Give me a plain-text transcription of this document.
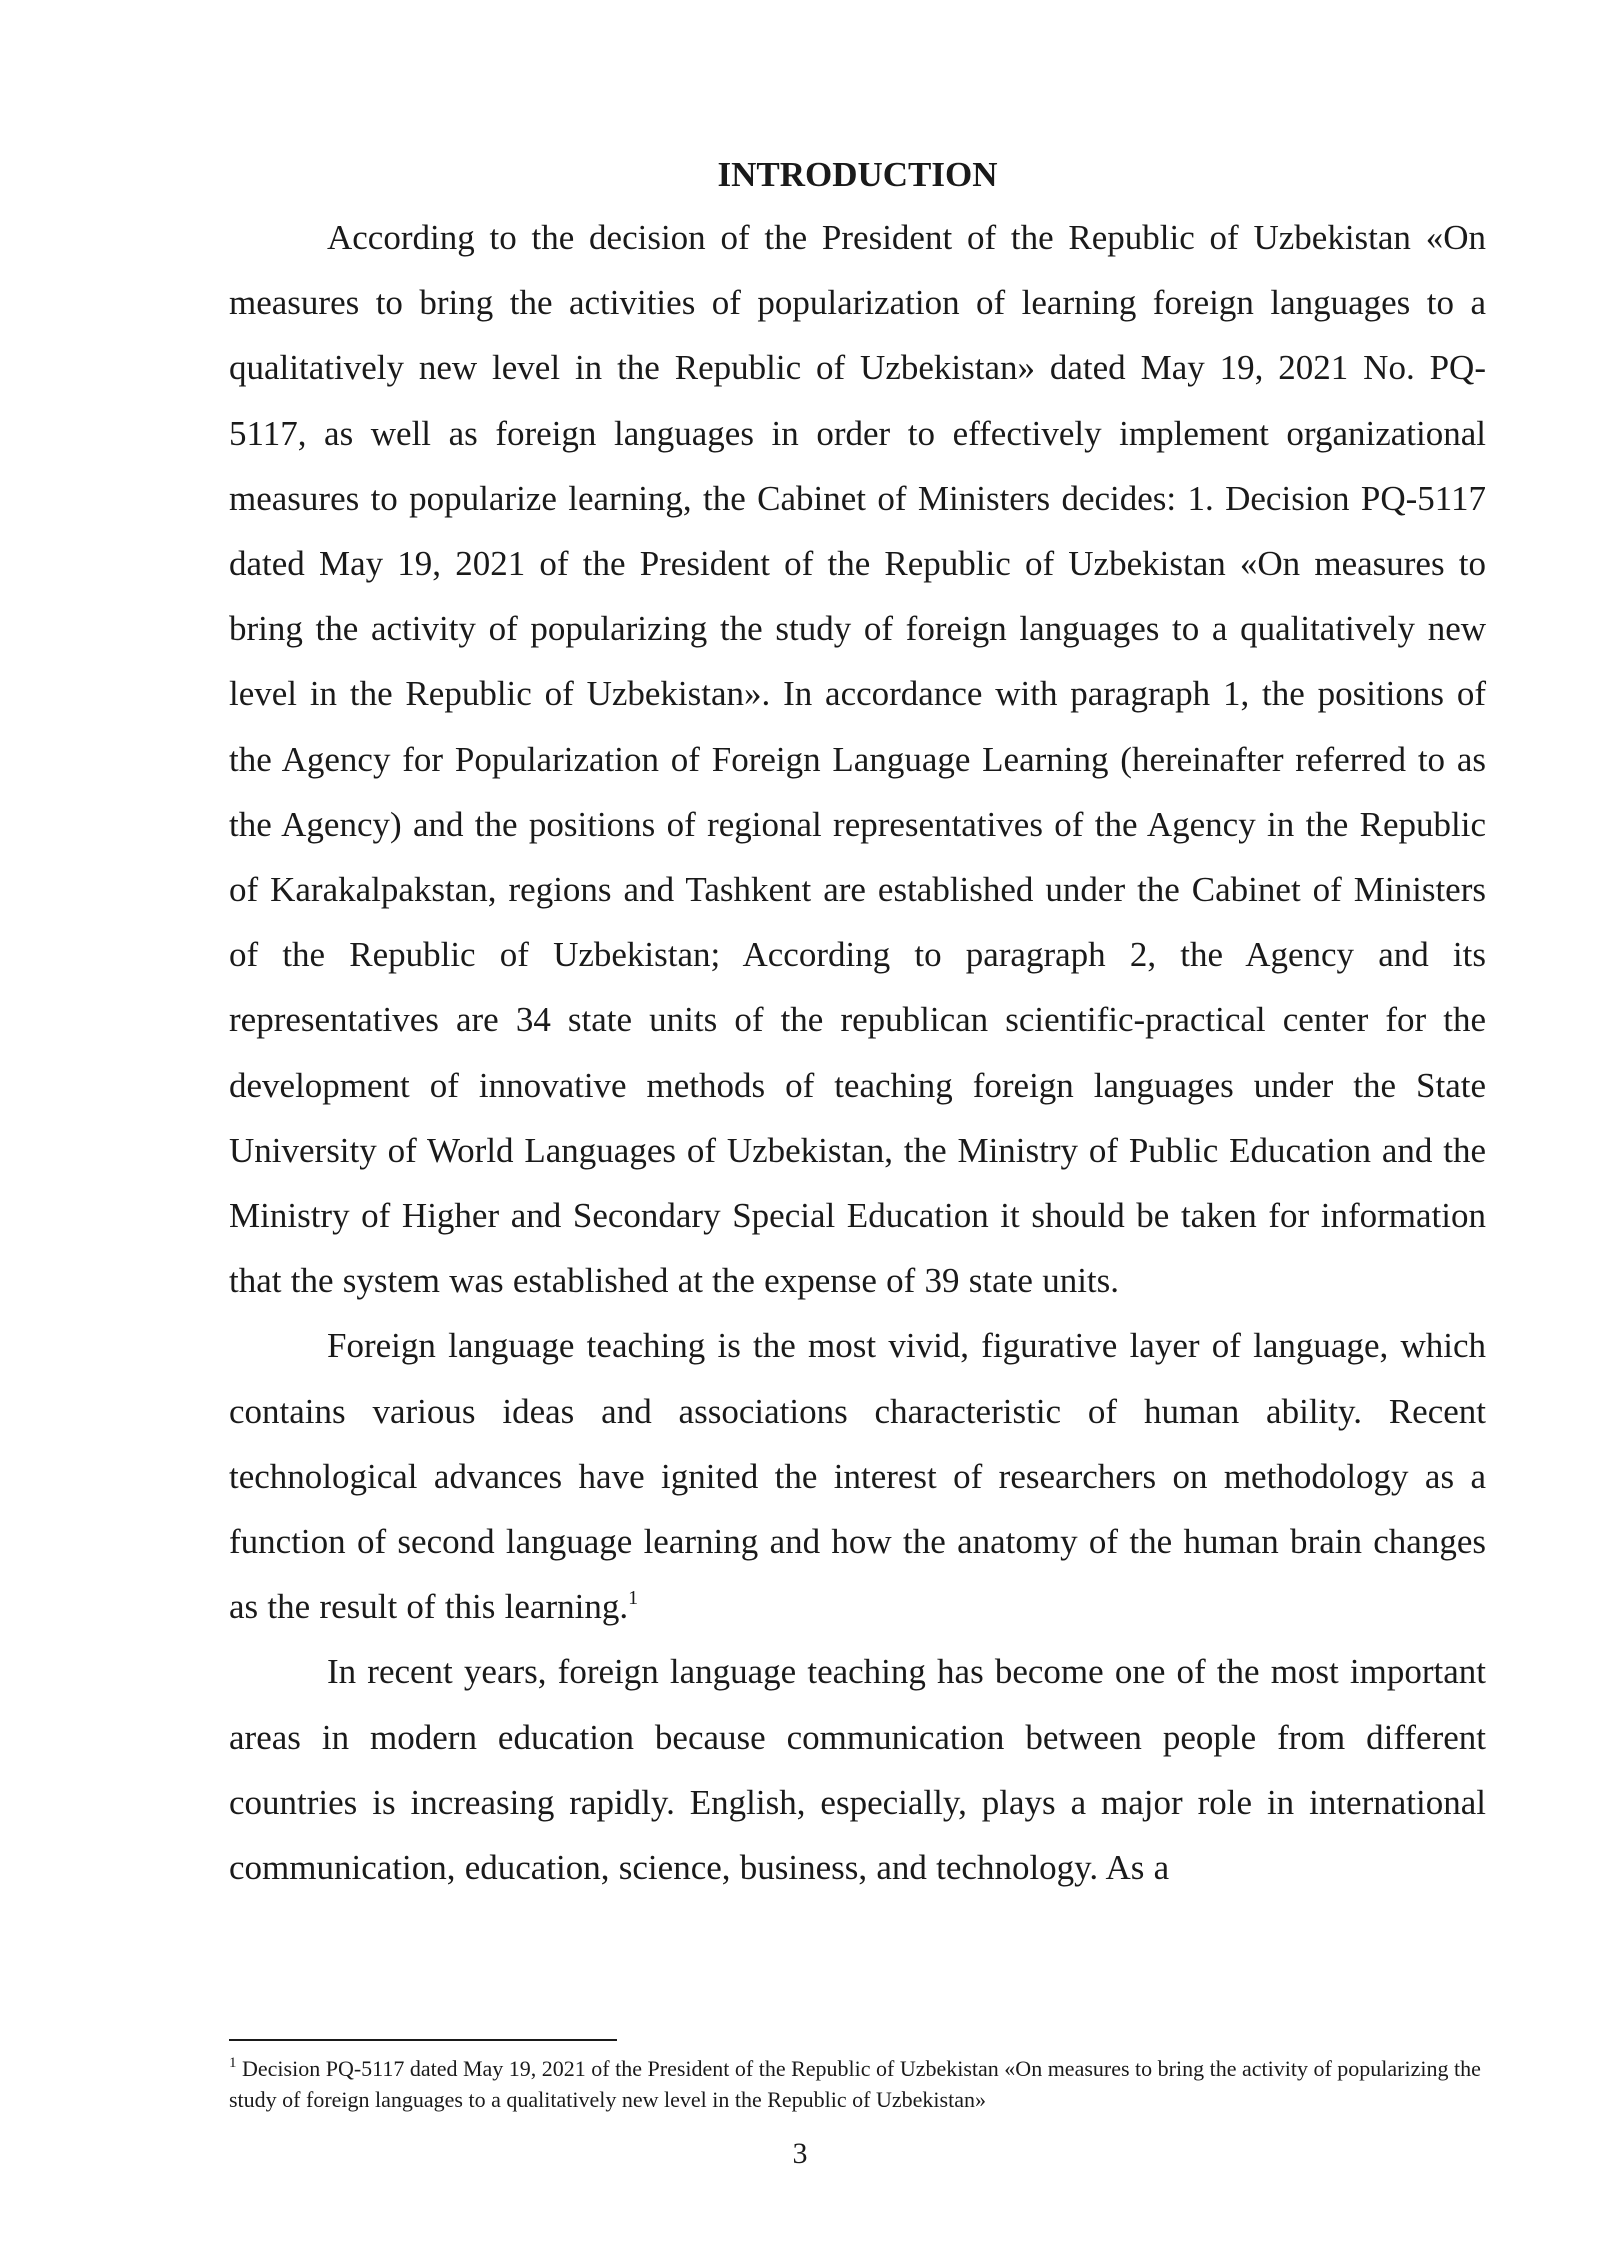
INTRODUCTION

According to the decision of the President of the Republic of Uzbekistan «On measures to bring the activities of popularization of learning foreign languages to a qualitatively new level in the Republic of Uzbekistan» dated May 19, 2021 No. PQ-5117, as well as foreign languages in order to effectively implement organizational measures to popularize learning, the Cabinet of Ministers decides: 1. Decision PQ-5117 dated May 19, 2021 of the President of the Republic of Uzbekistan «On measures to bring the activity of popularizing the study of foreign languages to a qualitatively new level in the Republic of Uzbekistan». In accordance with paragraph 1, the positions of the Agency for Popularization of Foreign Language Learning (hereinafter referred to as the Agency) and the positions of regional representatives of the Agency in the Republic of Karakalpakstan, regions and Tashkent are established under the Cabinet of Ministers of the Republic of Uzbekistan; According to paragraph 2, the Agency and its representatives are 34 state units of the republican scientific-practical center for the development of innovative methods of teaching foreign languages under the State University of World Languages of Uzbekistan, the Ministry of Public Education and the Ministry of Higher and Secondary Special Education it should be taken for information that the system was established at the expense of 39 state units.

Foreign language teaching is the most vivid, figurative layer of language, which contains various ideas and associations characteristic of human ability. Recent technological advances have ignited the interest of researchers on methodology as a function of second language learning and how the anatomy of the human brain changes as the result of this learning.$^1$

In recent years, foreign language teaching has become one of the most important areas in modern education because communication between people from different countries is increasing rapidly. English, especially, plays a major role in international communication, education, science, business, and technology. As a

$^1$ Decision PQ-5117 dated May 19, 2021 of the President of the Republic of Uzbekistan «On measures to bring the activity of popularizing the study of foreign languages to a qualitatively new level in the Republic of Uzbekistan»

3
